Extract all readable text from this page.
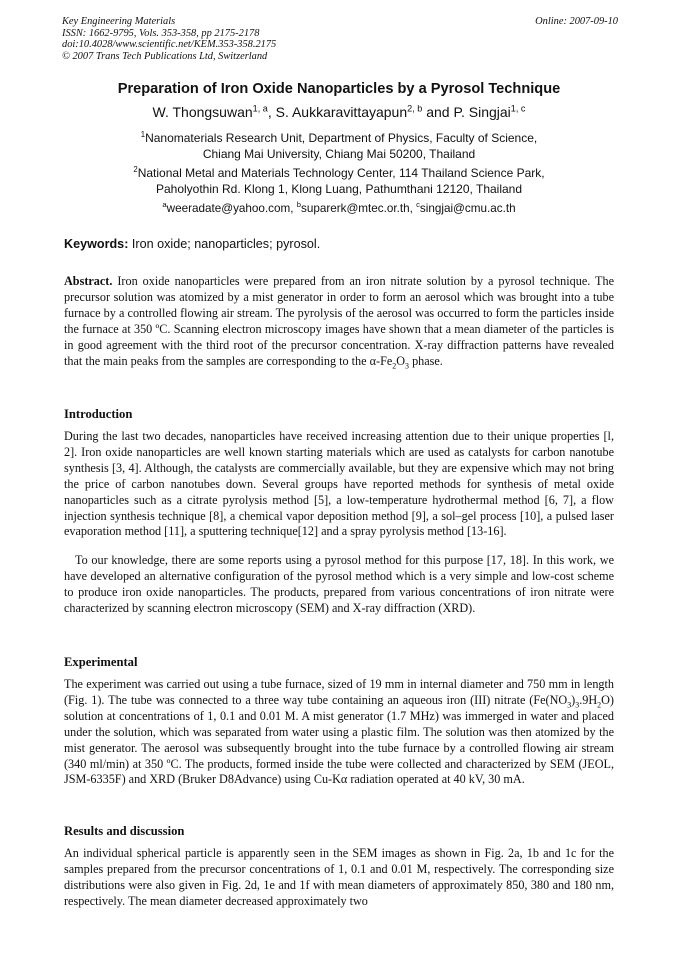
Key Engineering Materials
ISSN: 1662-9795, Vols. 353-358, pp 2175-2178
doi:10.4028/www.scientific.net/KEM.353-358.2175
© 2007 Trans Tech Publications Ltd, Switzerland
Online: 2007-09-10
Preparation of Iron Oxide Nanoparticles by a Pyrosol Technique
W. Thongsuwan$^{1, a}$, S. Aukkaravittayapun$^{2, b}$ and P. Singjai$^{1, c}$
$^1$Nanomaterials Research Unit, Department of Physics, Faculty of Science,
Chiang Mai University, Chiang Mai 50200, Thailand
$^2$National Metal and Materials Technology Center, 114 Thailand Science Park,
Paholyothin Rd. Klong 1, Klong Luang, Pathumthani 12120, Thailand
$^a$weeradate@yahoo.com, $^b$suparerk@mtec.or.th, $^c$singjai@cmu.ac.th
Keywords: Iron oxide; nanoparticles; pyrosol.
Abstract. Iron oxide nanoparticles were prepared from an iron nitrate solution by a pyrosol technique. The precursor solution was atomized by a mist generator in order to form an aerosol which was brought into a tube furnace by a controlled flowing air stream. The pyrolysis of the aerosol was occurred to form the particles inside the furnace at 350 ºC. Scanning electron microscopy images have shown that a mean diameter of the particles is in good agreement with the third root of the precursor concentration. X-ray diffraction patterns have revealed that the main peaks from the samples are corresponding to the $\alpha-Fe_2O_3$ phase.
Introduction
During the last two decades, nanoparticles have received increasing attention due to their unique properties [l, 2]. Iron oxide nanoparticles are well known starting materials which are used as catalysts for carbon nanotube synthesis [3, 4]. Although, the catalysts are commercially available, but they are expensive which may not bring the price of carbon nanotubes down. Several groups have reported methods for synthesis of metal oxide nanoparticles such as a citrate pyrolysis method [5], a low-temperature hydrothermal method [6, 7], a flow injection synthesis technique [8], a chemical vapor deposition method [9], a sol–gel process [10], a pulsed laser evaporation method [11], a sputtering technique[12] and a spray pyrolysis method [13-16].
To our knowledge, there are some reports using a pyrosol method for this purpose [17, 18]. In this work, we have developed an alternative configuration of the pyrosol method which is a very simple and low-cost scheme to produce iron oxide nanoparticles. The products, prepared from various concentrations of iron nitrate were characterized by scanning electron microscopy (SEM) and X-ray diffraction (XRD).
Experimental
The experiment was carried out using a tube furnace, sized of 19 mm in internal diameter and 750 mm in length (Fig. 1). The tube was connected to a three way tube containing an aqueous iron (III) nitrate $(Fe(NO_3)_3.9H_2O)$ solution at concentrations of 1, 0.1 and 0.01 M. A mist generator (1.7 MHz) was immerged in water and placed under the solution, which was separated from water using a plastic film. The solution was then atomized by the mist generator. The aerosol was subsequently brought into the tube furnace by a controlled flowing air stream (340 ml/min) at 350 ºC. The products, formed inside the tube were collected and characterized by SEM (JEOL, JSM-6335F) and XRD (Bruker D8Advance) using Cu-Kα radiation operated at 40 kV, 30 mA.
Results and discussion
An individual spherical particle is apparently seen in the SEM images as shown in Fig. 2a, 1b and 1c for the samples prepared from the precursor concentrations of 1, 0.1 and 0.01 M, respectively. The corresponding size distributions were also given in Fig. 2d, 1e and 1f with mean diameters of approximately 850, 380 and 180 nm, respectively. The mean diameter decreased approximately two
